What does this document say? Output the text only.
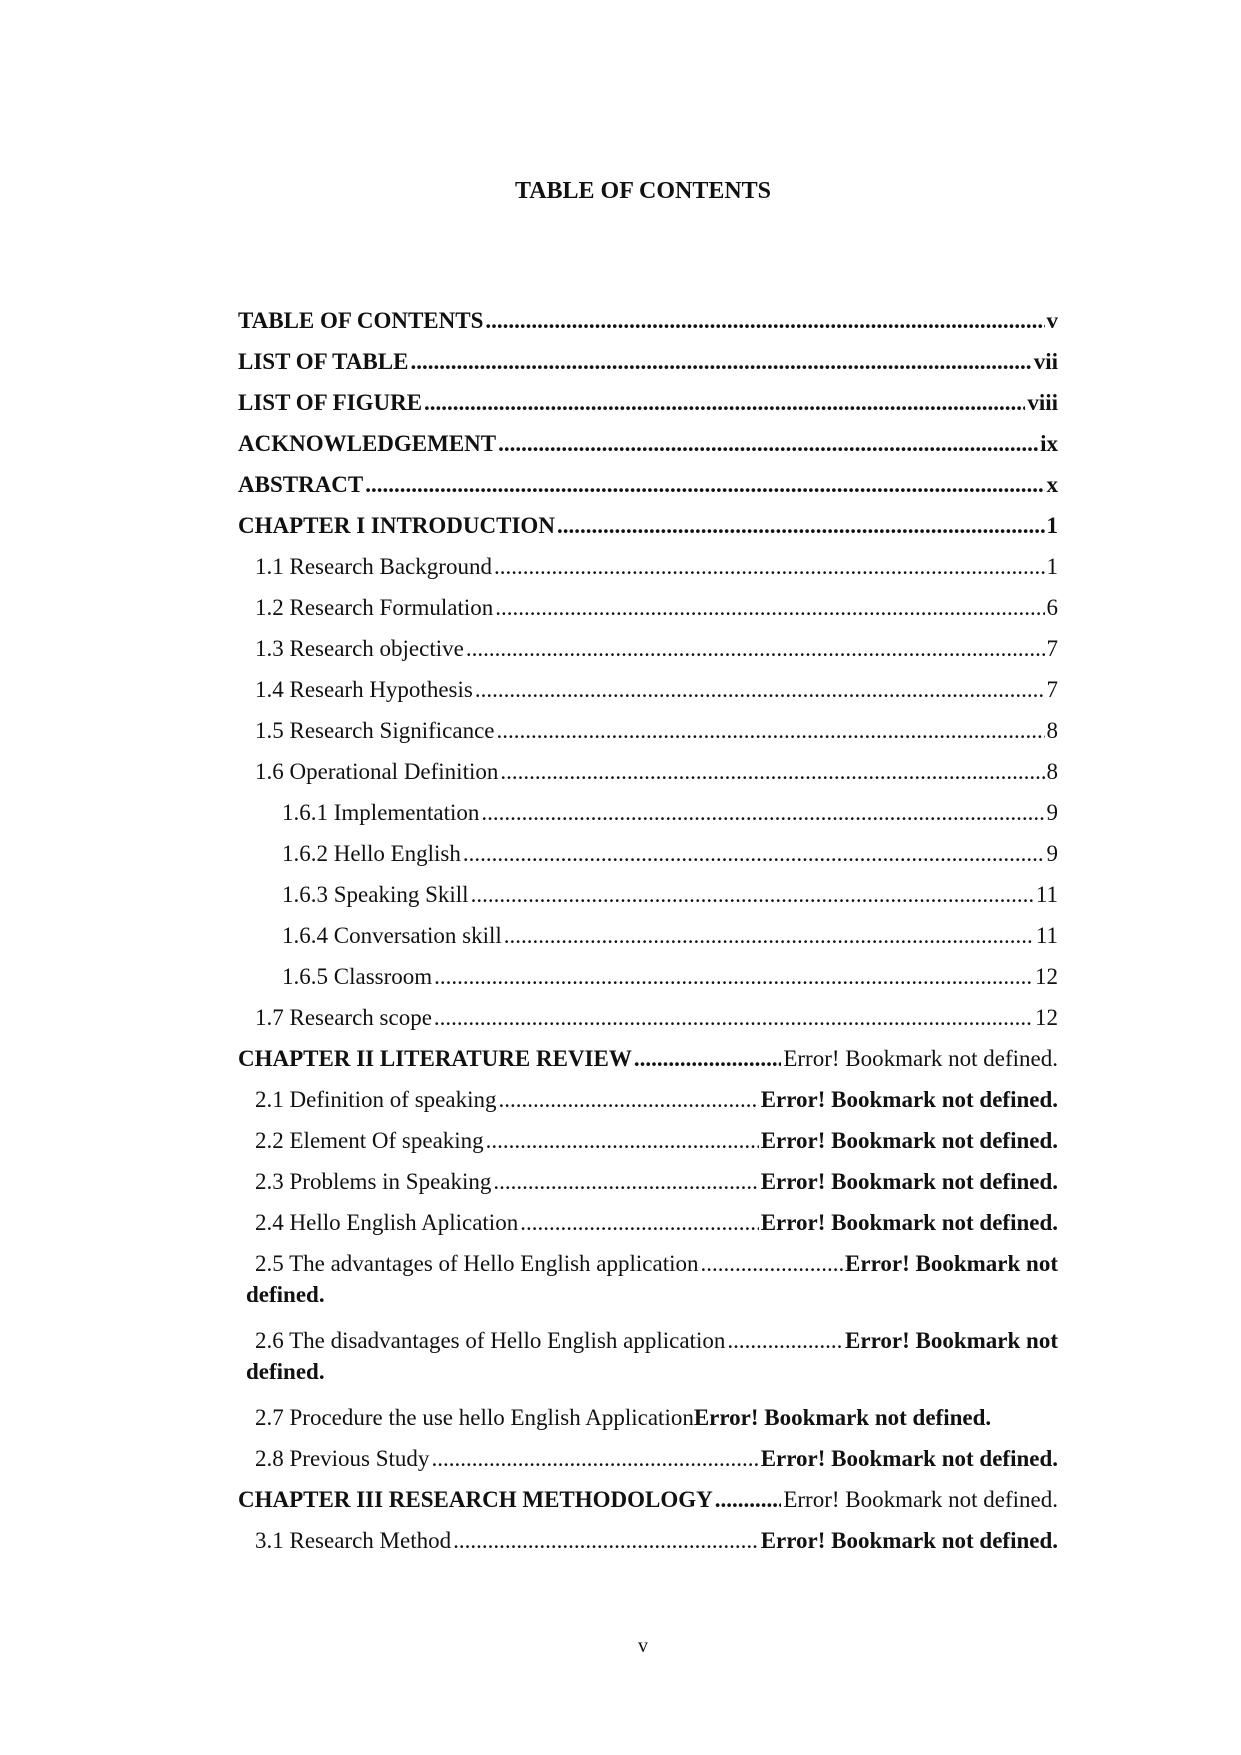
TABLE OF CONTENTS
TABLE OF CONTENTS .....	v
LIST OF TABLE .....	vii
LIST OF FIGURE .....	viii
ACKNOWLEDGEMENT .....	ix
ABSTRACT .....	x
CHAPTER I INTRODUCTION .....	1
1.1 Research Background .....	1
1.2 Research Formulation .....	6
1.3 Research objective .....	7
1.4 Researh Hypothesis .....	7
1.5 Research Significance .....	8
1.6 Operational Definition .....	8
1.6.1 Implementation .....	9
1.6.2 Hello English .....	9
1.6.3 Speaking Skill .....	11
1.6.4 Conversation skill .....	11
1.6.5 Classroom .....	12
1.7 Research scope .....	12
CHAPTER II LITERATURE REVIEW .....	Error! Bookmark not defined.
2.1 Definition of speaking .....	Error! Bookmark not defined.
2.2 Element Of speaking .....	Error! Bookmark not defined.
2.3 Problems in Speaking .....	Error! Bookmark not defined.
2.4 Hello English Aplication .....	Error! Bookmark not defined.
2.5 The advantages of Hello English application .....	Error! Bookmark not
defined.
2.6 The disadvantages of Hello English application .....	Error! Bookmark not
defined.
2.7 Procedure the use hello English Application Error! Bookmark not defined.
2.8 Previous Study .....	Error! Bookmark not defined.
CHAPTER III RESEARCH METHODOLOGY .....	Error! Bookmark not defined.
3.1 Research Method .....	Error! Bookmark not defined.
v
